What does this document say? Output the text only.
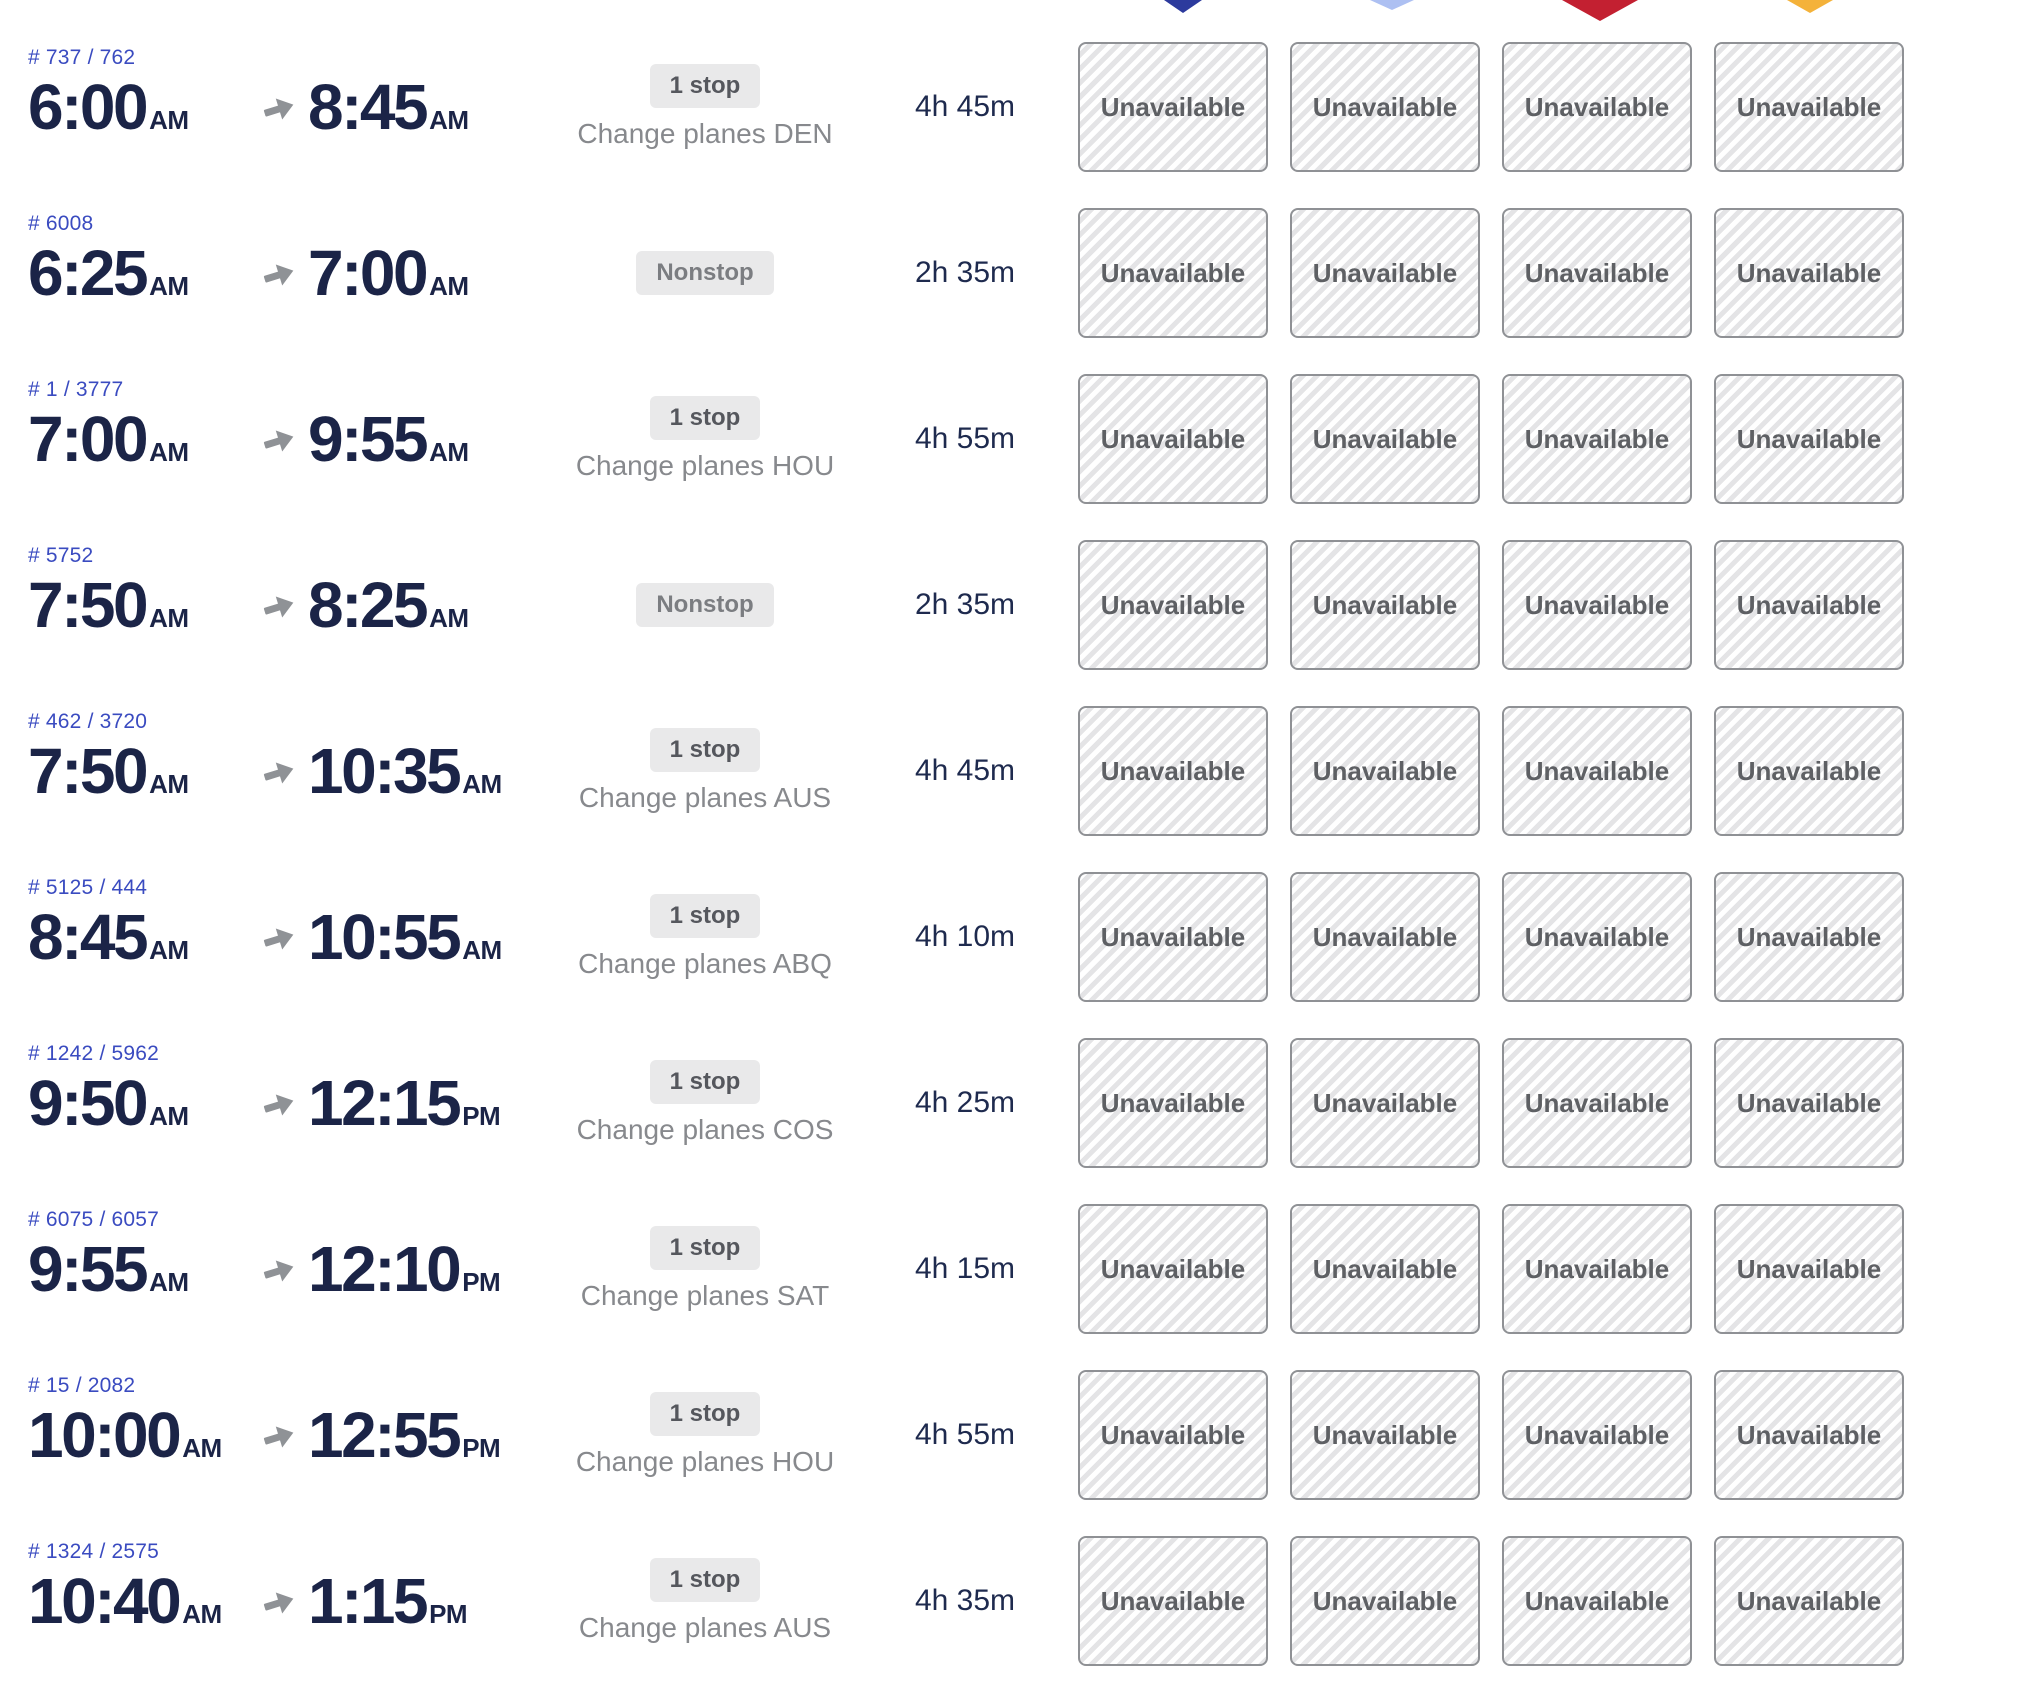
# 737 / 762
6:00 AM 8:45 AM
1 stop
Change planes DEN
4h 45m	Unavailable	Unavailable	Unavailable	Unavailable
# 6008
6:25 AM 7:00 AM	Nonstop	2h 35m	Unavailable	Unavailable	Unavailable	Unavailable
# 1 / 3777
7:00 AM 9:55 AM
1 stop
Change planes HOU
4h 55m	Unavailable	Unavailable	Unavailable	Unavailable
# 5752
7:50 AM 8:25 AM	Nonstop	2h 35m	Unavailable	Unavailable	Unavailable	Unavailable
# 462 / 3720
7:50 AM 10:35 AM
1 stop
Change planes AUS
4h 45m	Unavailable	Unavailable	Unavailable	Unavailable
# 5125 / 444
8:45 AM 10:55 AM
1 stop
Change planes ABQ
4h 10m	Unavailable	Unavailable	Unavailable	Unavailable
# 1242 / 5962
9:50 AM 12:15 PM
1 stop
Change planes COS
4h 25m	Unavailable	Unavailable	Unavailable	Unavailable
# 6075 / 6057
9:55 AM 12:10 PM
1 stop
Change planes SAT
4h 15m	Unavailable	Unavailable	Unavailable	Unavailable
# 15 / 2082
10:00 AM 12:55 PM
1 stop
Change planes HOU
4h 55m	Unavailable	Unavailable	Unavailable	Unavailable
# 1324 / 2575
10:40 AM 1:15 PM
1 stop
Change planes AUS
4h 35m	Unavailable	Unavailable	Unavailable	Unavailable
